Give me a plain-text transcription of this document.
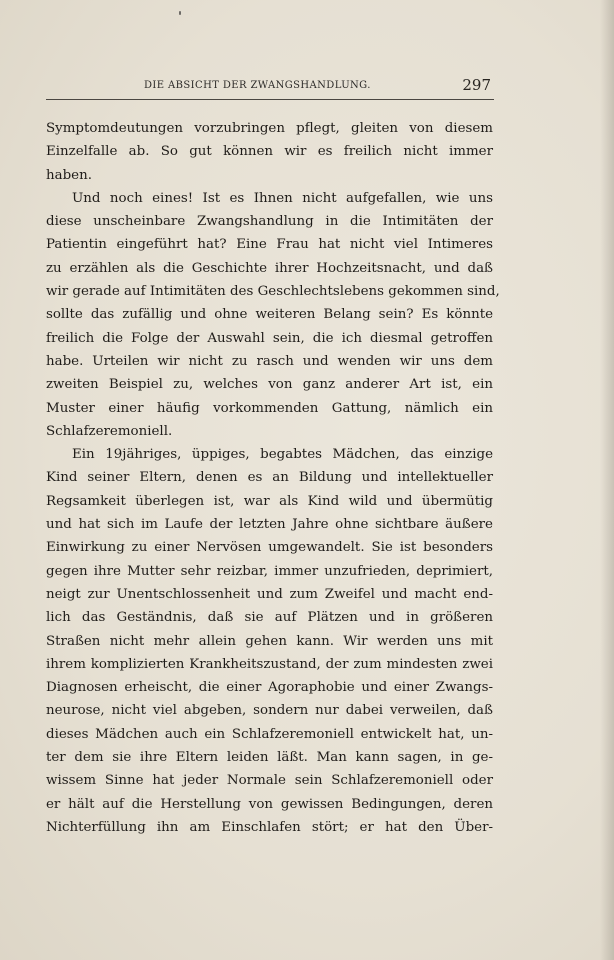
DIE ABSICHT DER ZWANGSHANDLUNG.	297
Symptomdeutungen vorzubringen pflegt, gleiten von diesem
Einzelfalle ab. So gut können wir es freilich nicht immer
haben.
Und noch eines! Ist es Ihnen nicht aufgefallen, wie uns
diese unscheinbare Zwangshandlung in die Intimitäten der
Patientin eingeführt hat? Eine Frau hat nicht viel Intimeres
zu erzählen als die Geschichte ihrer Hochzeitsnacht, und daß
wir gerade auf Intimitäten des Geschlechtslebens gekommen sind,
sollte das zufällig und ohne weiteren Belang sein? Es könnte
freilich die Folge der Auswahl sein, die ich diesmal getroffen
habe. Urteilen wir nicht zu rasch und wenden wir uns dem
zweiten Beispiel zu, welches von ganz anderer Art ist, ein
Muster einer häufig vorkommenden Gattung, nämlich ein
Schlafzeremoniell.
Ein 19jähriges, üppiges, begabtes Mädchen, das einzige
Kind seiner Eltern, denen es an Bildung und intellektueller
Regsamkeit überlegen ist, war als Kind wild und übermütig
und hat sich im Laufe der letzten Jahre ohne sichtbare äußere
Einwirkung zu einer Nervösen umgewandelt. Sie ist besonders
gegen ihre Mutter sehr reizbar, immer unzufrieden, deprimiert,
neigt zur Unentschlossenheit und zum Zweifel und macht end-
lich das Geständnis, daß sie auf Plätzen und in größeren
Straßen nicht mehr allein gehen kann. Wir werden uns mit
ihrem komplizierten Krankheitszustand, der zum mindesten zwei
Diagnosen erheischt, die einer Agoraphobie und einer Zwangs-
neurose, nicht viel abgeben, sondern nur dabei verweilen, daß
dieses Mädchen auch ein Schlafzeremoniell entwickelt hat, un-
ter dem sie ihre Eltern leiden läßt. Man kann sagen, in ge-
wissem Sinne hat jeder Normale sein Schlafzeremoniell oder
er hält auf die Herstellung von gewissen Bedingungen, deren
Nichterfüllung ihn am Einschlafen stört; er hat den Über-
